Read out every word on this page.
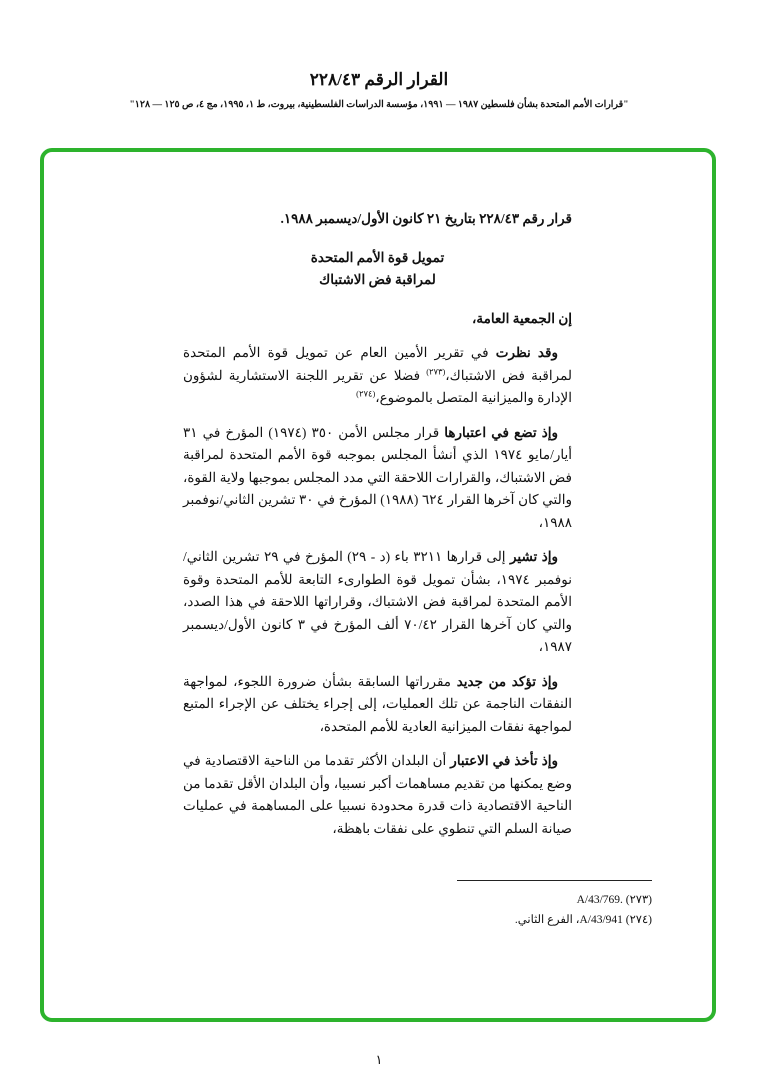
القرار الرقم ٢٢٨/٤٣
"قرارات الأمم المتحدة بشأن فلسطين ١٩٨٧ — ١٩٩١، مؤسسة الدراسات الفلسطينية، بيروت، ط ١، ١٩٩٥، مج ٤، ص ١٢٥ — ١٢٨"

قرار رقم ٢٢٨/٤٣ بتاريخ ٢١ كانون الأول/ديسمبر ١٩٨٨.

تمويل قوة الأمم المتحدة
لمراقبة فض الاشتباك

إن الجمعية العامة،

وقد نظرت في تقرير الأمين العام عن تمويل قوة الأمم المتحدة لمراقبة فض الاشتباك،$^{(٢٧٣)}$ فضلا عن تقرير اللجنة الاستشارية لشؤون الإدارة والميزانية المتصل بالموضوع،$^{(٢٧٤)}$

وإذ تضع في اعتبارها قرار مجلس الأمن ٣٥٠ (١٩٧٤) المؤرخ في ٣١ أيار/مايو ١٩٧٤ الذي أنشأ المجلس بموجبه قوة الأمم المتحدة لمراقبة فض الاشتباك، والقرارات اللاحقة التي مدد المجلس بموجبها ولاية القوة، والتي كان آخرها القرار ٦٢٤ (١٩٨٨) المؤرخ في ٣٠ تشرين الثاني/نوفمبر ١٩٨٨،

وإذ تشير إلى قرارها ٣٢١١ باء (د - ٢٩) المؤرخ في ٢٩ تشرين الثاني/نوفمبر ١٩٧٤، بشأن تمويل قوة الطوارىء التابعة للأمم المتحدة وقوة الأمم المتحدة لمراقبة فض الاشتباك، وقراراتها اللاحقة في هذا الصدد، والتي كان آخرها القرار ٧٠/٤٢ ألف المؤرخ في ٣ كانون الأول/ديسمبر ١٩٨٧،

وإذ تؤكد من جديد مقرراتها السابقة بشأن ضرورة اللجوء، لمواجهة النفقات الناجمة عن تلك العمليات، إلى إجراء يختلف عن الإجراء المتبع لمواجهة نفقات الميزانية العادية للأمم المتحدة،

وإذ تأخذ في الاعتبار أن البلدان الأكثر تقدما من الناحية الاقتصادية في وضع يمكنها من تقديم مساهمات أكبر نسبيا، وأن البلدان الأقل تقدما من الناحية الاقتصادية ذات قدرة محدودة نسبيا على المساهمة في عمليات صيانة السلم التي تنطوي على نفقات باهظة،

(٢٧٣) A/43/769.
(٢٧٤) A/43/941، الفرع الثاني.
١
